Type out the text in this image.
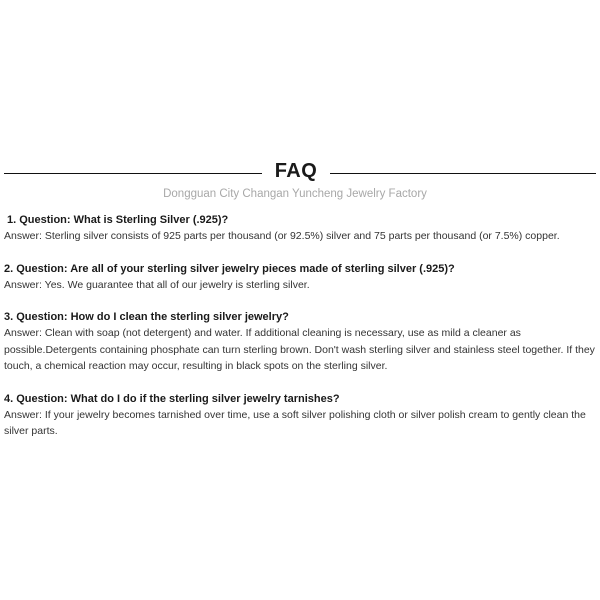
FAQ
Dongguan City Changan Yuncheng Jewelry Factory
1. Question: What is Sterling Silver (.925)?
Answer: Sterling silver consists of 925 parts per thousand (or 92.5%) silver and 75 parts per thousand (or 7.5%) copper.
2. Question: Are all of your sterling silver jewelry pieces made of sterling silver (.925)?
Answer: Yes. We guarantee that all of our jewelry is sterling silver.
3. Question: How do I clean the sterling silver jewelry?
Answer: Clean with soap (not detergent) and water. If additional cleaning is necessary, use as mild a cleaner as possible.Detergents containing phosphate can turn sterling brown. Don't wash sterling silver and stainless steel together. If they touch, a chemical reaction may occur, resulting in black spots on the sterling silver.
4. Question: What do I do if the sterling silver jewelry tarnishes?
Answer: If your jewelry becomes tarnished over time, use a soft silver polishing cloth or silver polish cream to gently clean the silver parts.
